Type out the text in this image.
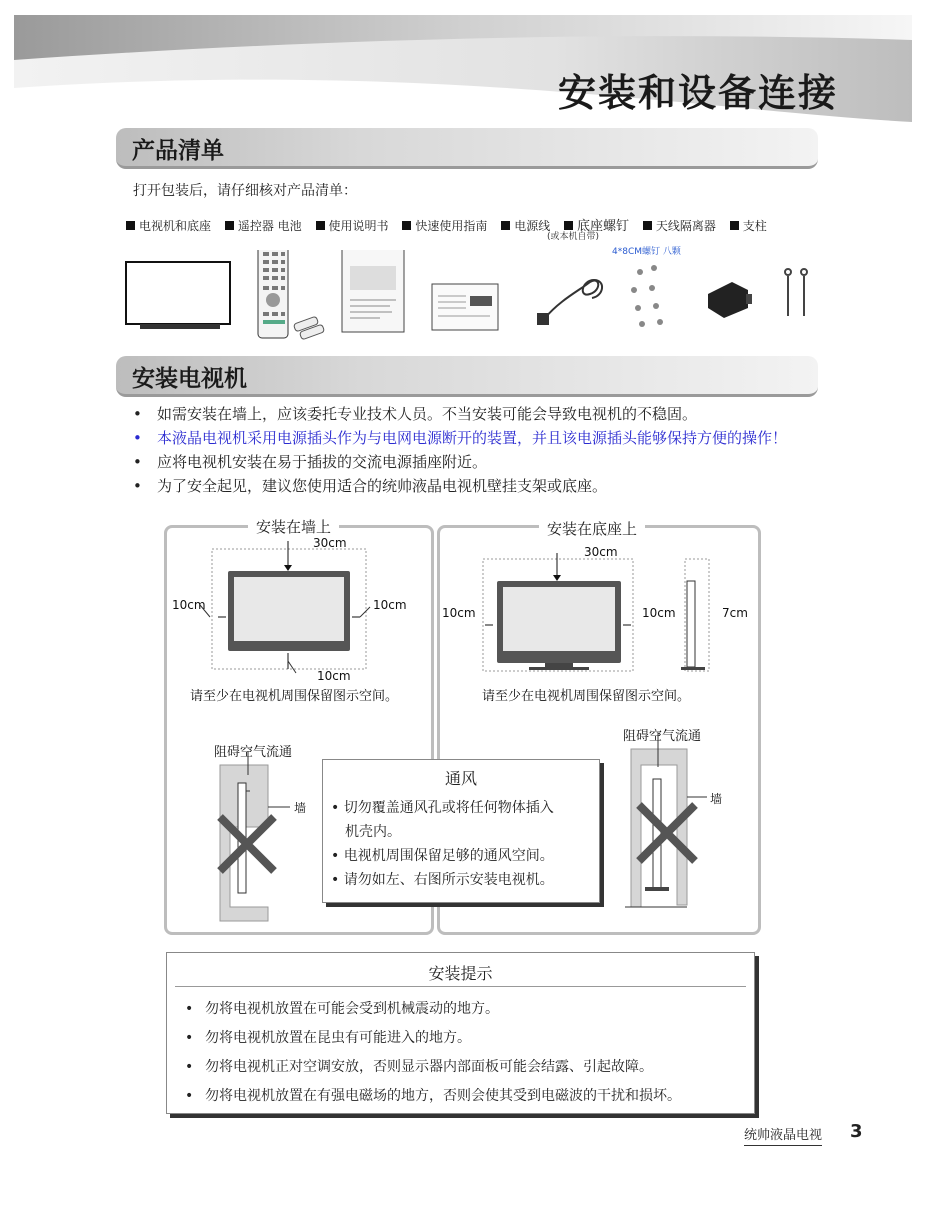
安装和设备连接
产品清单
打开包装后，请仔细核对产品清单：
电视机和底座 遥控器 电池 使用说明书 快速使用指南 电源线 底座螺钉 天线隔离器 支柱
(或本机自带)
4*8CM螺钉 八颗
安装电视机
• 如需安装在墙上，应该委托专业技术人员。不当安装可能会导致电视机的不稳固。
• 本液晶电视机采用电源插头作为与电网电源断开的装置，并且该电源插头能够保持方便的操作！
• 应将电视机安装在易于插拔的交流电源插座附近。
• 为了安全起见，建议您使用适合的统帅液晶电视机壁挂支架或底座。
安装在墙上	安装在底座上
30cm
10cm	10cm
10cm
请至少在电视机周围保留图示空间。
阻碍空气流通
墙
30cm
10cm	10cm	7cm
请至少在电视机周围保留图示空间。
阻碍空气流通
墙
通风
• 切勿覆盖通风孔或将任何物体插入
机壳内。
• 电视机周围保留足够的通风空间。
• 请勿如左、右图所示安装电视机。
安装提示
• 勿将电视机放置在可能会受到机械震动的地方。
• 勿将电视机放置在昆虫有可能进入的地方。
• 勿将电视机正对空调安放，否则显示器内部面板可能会结露、引起故障。
• 勿将电视机放置在有强电磁场的地方，否则会使其受到电磁波的干扰和损坏。
统帅液晶电视 3
